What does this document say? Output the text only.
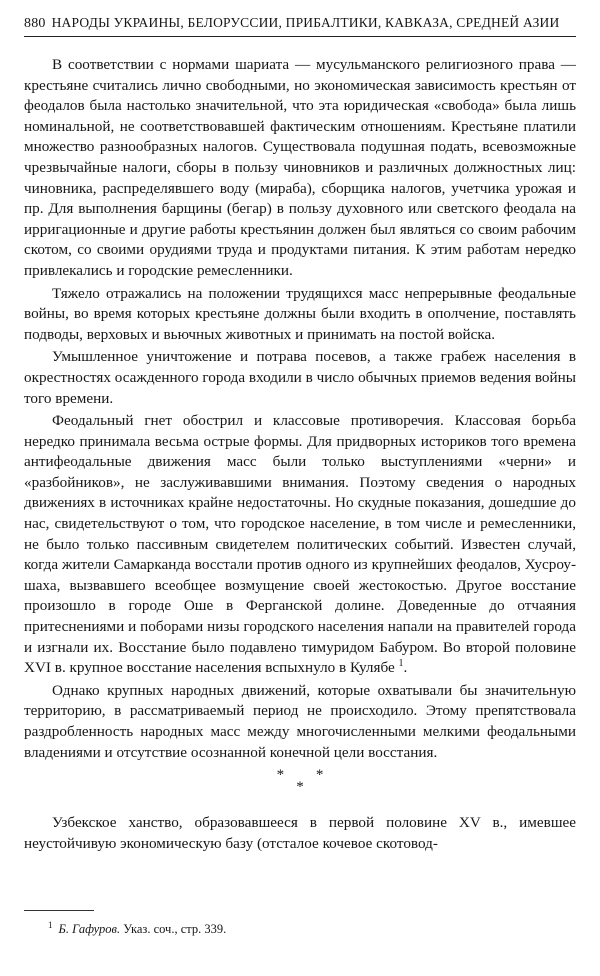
880 НАРОДЫ УКРАИНЫ, БЕЛОРУССИИ, ПРИБАЛТИКИ, КАВКАЗА, СРЕДНЕЙ АЗИИ

В соответствии с нормами шариата — мусульманского религиозного права — крестьяне считались лично свободными, но экономическая зависимость крестьян от феодалов была настолько значительной, что эта юридическая «свобода» была лишь номинальной, не соответствовавшей фактическим отношениям. Крестьяне платили множество разнообразных налогов. Существовала подушная подать, всевозможные чрезвычайные налоги, сборы в пользу чиновников и различных должностных лиц: чиновника, распределявшего воду (мираба), сборщика налогов, учетчика урожая и пр. Для выполнения барщины (бегар) в пользу духовного или светского феодала на ирригационные и другие работы крестьянин должен был являться со своим рабочим скотом, со своими орудиями труда и продуктами питания. К этим работам нередко привлекались и городские ремесленники.

Тяжело отражались на положении трудящихся масс непрерывные феодальные войны, во время которых крестьяне должны были входить в ополчение, поставлять подводы, верховых и вьючных животных и принимать на постой войска.

Умышленное уничтожение и потрава посевов, а также грабеж населения в окрестностях осажденного города входили в число обычных приемов ведения войны того времени.

Феодальный гнет обострил и классовые противоречия. Классовая борьба нередко принимала весьма острые формы. Для придворных историков того времена антифеодальные движения масс были только выступлениями «черни» и «разбойников», не заслуживавшими внимания. Поэтому сведения о народных движениях в источниках крайне недостаточны. Но скудные показания, дошедшие до нас, свидетельствуют о том, что городское население, в том числе и ремесленники, не было только пассивным свидетелем политических событий. Известен случай, когда жители Самарканда восстали против одного из крупнейших феодалов, Хусроу-шаха, вызвавшего всеобщее возмущение своей жестокостью. Другое восстание произошло в городе Оше в Ферганской долине. Доведенные до отчаяния притеснениями и поборами низы городского населения напали на правителей города и изгнали их. Восстание было подавлено тимуридом Бабуром. Во второй половине XVI в. крупное восстание населения вспыхнуло в Кулябе $^1$.

Однако крупных народных движений, которые охватывали бы значительную территорию, в рассматриваемый период не происходило. Этому препятствовала раздробленность народных масс между многочисленными мелкими феодальными владениями и отсутствие осознанной конечной цели восстания.

* *
*

Узбекское ханство, образовавшееся в первой половине XV в., имевшее неустойчивую экономическую базу (отсталое кочевое скотовод-

$^1$ Б. Гафуров. Указ. соч., стр. 339.
